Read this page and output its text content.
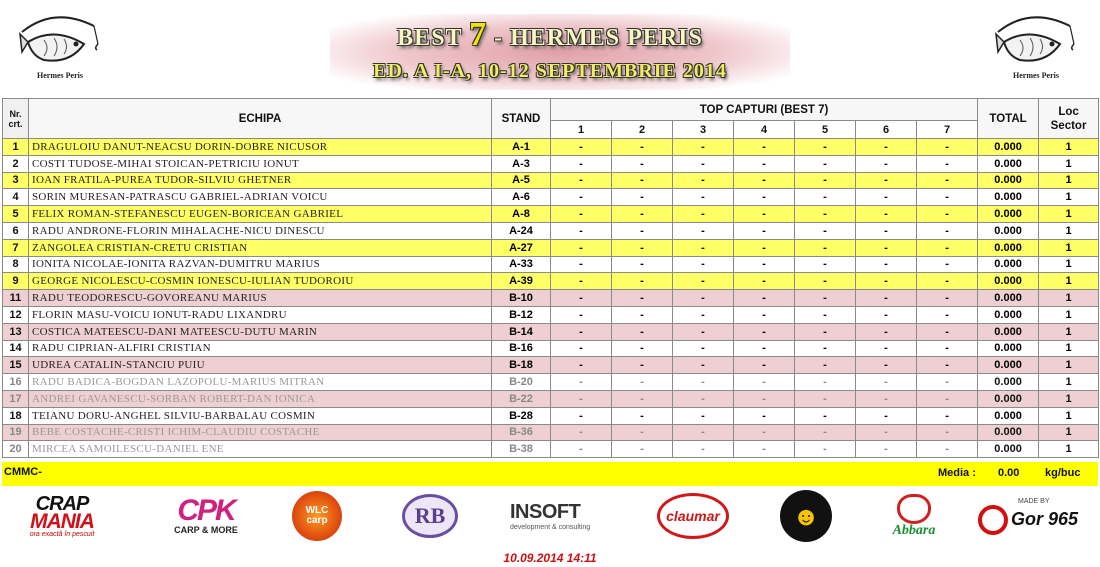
Hermes Peris
BEST 7 - HERMES PERIS
ED. A I-A, 10-12 SEPTEMBRIE 2014	Hermes Peris
Nr. crt.	ECHIPA	STAND	TOP CAPTURI (BEST 7)							TOTAL	Loc Sector
			1	2	3	4	5	6	7		
1	DRAGULOIU DANUT-NEACSU DORIN-DOBRE NICUSOR	A-1	-	-	-	-	-	-	-	0.000	1
2	COSTI TUDOSE-MIHAI STOICAN-PETRICIU IONUT	A-3	-	-	-	-	-	-	-	0.000	1
3	IOAN FRATILA-PUREA TUDOR-SILVIU GHETNER	A-5	-	-	-	-	-	-	-	0.000	1
4	SORIN MURESAN-PATRASCU GABRIEL-ADRIAN VOICU	A-6	-	-	-	-	-	-	-	0.000	1
5	FELIX ROMAN-STEFANESCU EUGEN-BORICEAN GABRIEL	A-8	-	-	-	-	-	-	-	0.000	1
6	RADU ANDRONE-FLORIN MIHALACHE-NICU DINESCU	A-24	-	-	-	-	-	-	-	0.000	1
7	ZANGOLEA CRISTIAN-CRETU CRISTIAN	A-27	-	-	-	-	-	-	-	0.000	1
8	IONITA NICOLAE-IONITA RAZVAN-DUMITRU MARIUS	A-33	-	-	-	-	-	-	-	0.000	1
9	GEORGE NICOLESCU-COSMIN IONESCU-IULIAN TUDOROIU	A-39	-	-	-	-	-	-	-	0.000	1
11	RADU TEODORESCU-GOVOREANU MARIUS	B-10	-	-	-	-	-	-	-	0.000	1
12	FLORIN MASU-VOICU IONUT-RADU LIXANDRU	B-12	-	-	-	-	-	-	-	0.000	1
13	COSTICA MATEESCU-DANI MATEESCU-DUTU MARIN	B-14	-	-	-	-	-	-	-	0.000	1
14	RADU CIPRIAN-ALFIRI CRISTIAN	B-16	-	-	-	-	-	-	-	0.000	1
15	UDREA CATALIN-STANCIU PUIU	B-18	-	-	-	-	-	-	-	0.000	1
16	RADU BADICA-BOGDAN LAZOPOLU-MARIUS MITRAN	B-20	-	-	-	-	-	-	-	0.000	1
17	ANDREI GAVANESCU-SORBAN ROBERT-DAN IONICA	B-22	-	-	-	-	-	-	-	0.000	1
18	TEIANU DORU-ANGHEL SILVIU-BARBALAU COSMIN	B-28	-	-	-	-	-	-	-	0.000	1
19	BEBE COSTACHE-CRISTI ICHIM-CLAUDIU COSTACHE	B-36	-	-	-	-	-	-	-	0.000	1
20	MIRCEA SAMOILESCU-DANIEL ENE	B-38	-	-	-	-	-	-	-	0.000	1
CMMC-	Media : 0.00 kg/buc
CRAP
MANIA
ora exactă în pescuit
CPK
CARP & MORE
WLC
carp	RB	INSOFT
development & consulting
claumar	☻	Abbara
MADE BY
Gor 965
10.09.2014 14:11
